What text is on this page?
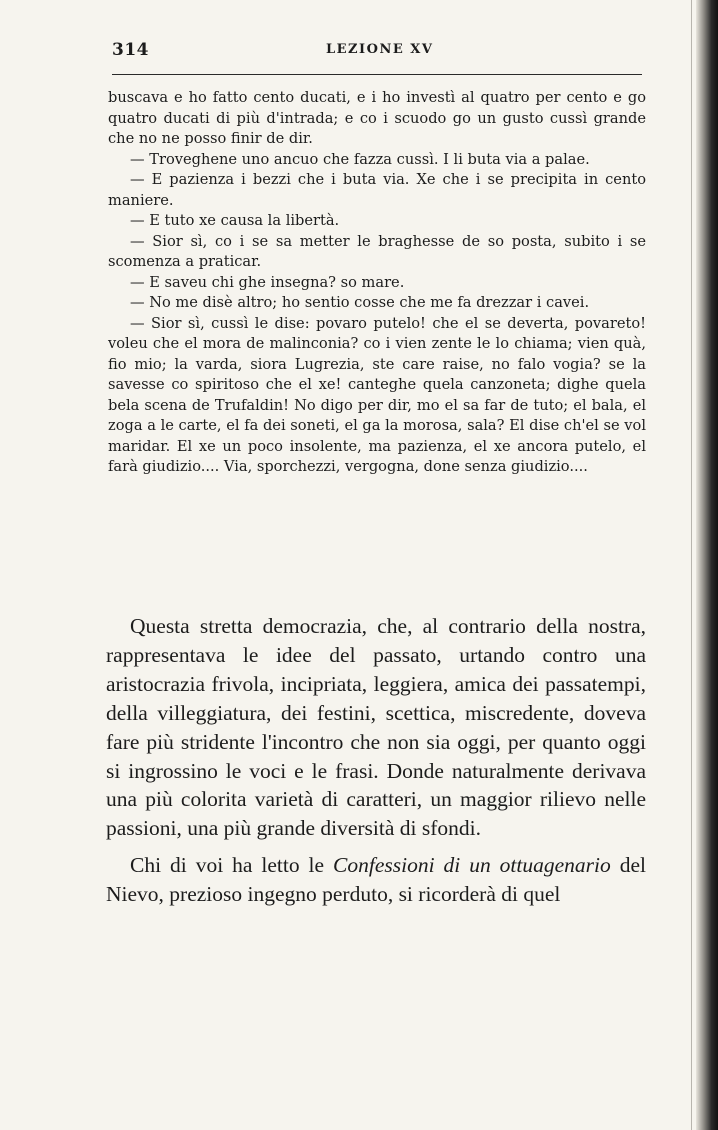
314	LEZIONE XV

buscava e ho fatto cento ducati, e i ho investì al quatro per cento e go quatro ducati di più d'intrada; e co i scuodo go un gusto cussì grande che no ne posso finir de dir.

— Troveghene uno ancuo che fazza cussì. I li buta via a palae.

— E pazienza i bezzi che i buta via. Xe che i se precipita in cento maniere.

— E tuto xe causa la libertà.

— Sior sì, co i se sa metter le braghesse de so posta, subito i se scomenza a praticar.

— E saveu chi ghe insegna? so mare.

— No me disè altro; ho sentio cosse che me fa drezzar i cavei.

— Sior sì, cussì le dise: povaro putelo! che el se deverta, povareto! voleu che el mora de malinconia? co i vien zente le lo chiama; vien quà, fio mio; la varda, siora Lugrezia, ste care raise, no falo vogia? se la savesse co spiritoso che el xe! canteghe quela canzoneta; dighe quela bela scena de Trufaldin! No digo per dir, mo el sa far de tuto; el bala, el zoga a le carte, el fa dei soneti, el ga la morosa, sala? El dise ch'el se vol maridar. El xe un poco insolente, ma pazienza, el xe ancora putelo, el farà giudizio.... Via, sporchezzi, vergogna, done senza giudizio....

Questa stretta democrazia, che, al contrario della nostra, rappresentava le idee del passato, urtando contro una aristocrazia frivola, incipriata, leggiera, amica dei passatempi, della villeggiatura, dei festini, scettica, miscredente, doveva fare più stridente l'incontro che non sia oggi, per quanto oggi si ingrossino le voci e le frasi. Donde naturalmente derivava una più colorita varietà di caratteri, un maggior rilievo nelle passioni, una più grande diversità di sfondi.

Chi di voi ha letto le Confessioni di un ottuagenario del Nievo, prezioso ingegno perduto, si ricorderà di quel
